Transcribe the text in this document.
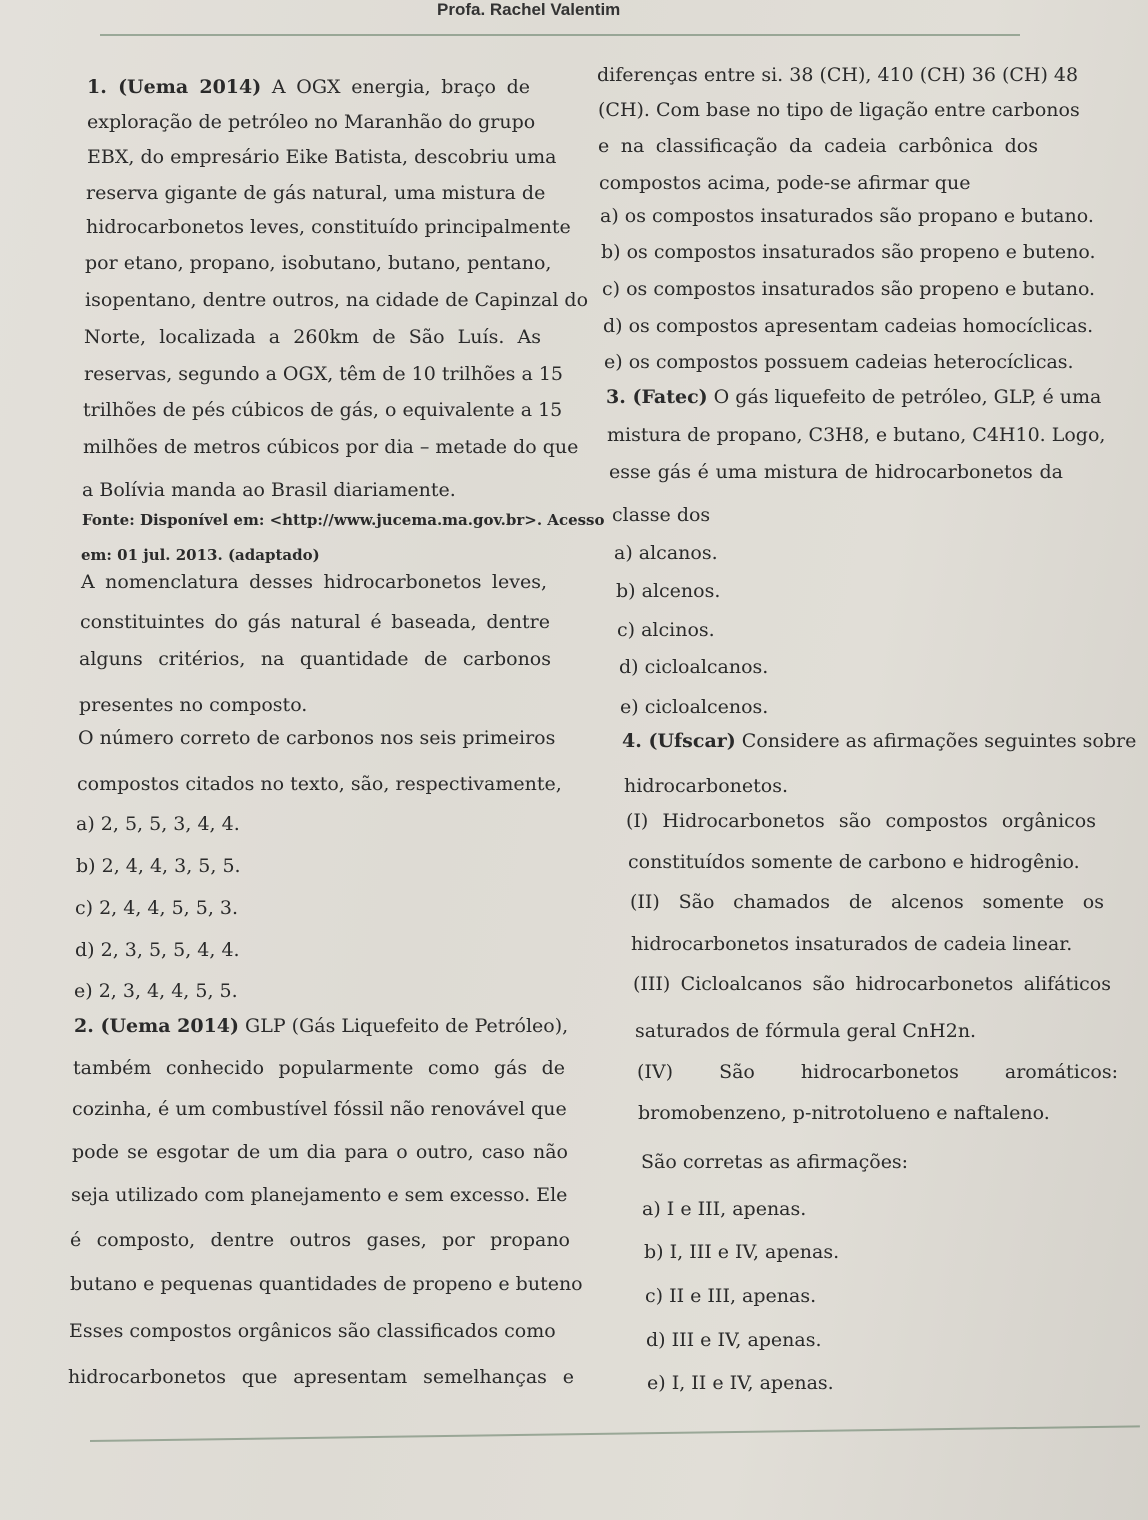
Profa. Rachel Valentim

1. (Uema 2014) A OGX energia, braço de

exploração de petróleo no Maranhão do grupo

EBX, do empresário Eike Batista, descobriu uma

reserva gigante de gás natural, uma mistura de

hidrocarbonetos leves, constituído principalmente

por etano, propano, isobutano, butano, pentano,

isopentano, dentre outros, na cidade de Capinzal do

Norte, localizada a 260km de São Luís. As

reservas, segundo a OGX, têm de 10 trilhões a 15

trilhões de pés cúbicos de gás, o equivalente a 15

milhões de metros cúbicos por dia – metade do que

a Bolívia manda ao Brasil diariamente.

Fonte: Disponível em: <http://www.jucema.ma.gov.br>. Acesso

em: 01 jul. 2013. (adaptado)

A nomenclatura desses hidrocarbonetos leves,

constituintes do gás natural é baseada, dentre

alguns critérios, na quantidade de carbonos

presentes no composto.

O número correto de carbonos nos seis primeiros

compostos citados no texto, são, respectivamente,

a) 2, 5, 5, 3, 4, 4.

b) 2, 4, 4, 3, 5, 5.

c) 2, 4, 4, 5, 5, 3.

d) 2, 3, 5, 5, 4, 4.

e) 2, 3, 4, 4, 5, 5.

2. (Uema 2014) GLP (Gás Liquefeito de Petróleo),

também conhecido popularmente como gás de

cozinha, é um combustível fóssil não renovável que

pode se esgotar de um dia para o outro, caso não

seja utilizado com planejamento e sem excesso. Ele

é composto, dentre outros gases, por propano

butano e pequenas quantidades de propeno e buteno

Esses compostos orgânicos são classificados como

hidrocarbonetos que apresentam semelhanças e

diferenças entre si. 38 (CH), 410 (CH) 36 (CH) 48

(CH). Com base no tipo de ligação entre carbonos

e na classificação da cadeia carbônica dos

compostos acima, pode-se afirmar que

a) os compostos insaturados são propano e butano.

b) os compostos insaturados são propeno e buteno.

c) os compostos insaturados são propeno e butano.

d) os compostos apresentam cadeias homocíclicas.

e) os compostos possuem cadeias heterocíclicas.

3. (Fatec) O gás liquefeito de petróleo, GLP, é uma

mistura de propano, C3H8, e butano, C4H10. Logo,

esse gás é uma mistura de hidrocarbonetos da

classe dos

a) alcanos.

b) alcenos.

c) alcinos.

d) cicloalcanos.

e) cicloalcenos.

4. (Ufscar) Considere as afirmações seguintes sobre

hidrocarbonetos.

(I) Hidrocarbonetos são compostos orgânicos

constituídos somente de carbono e hidrogênio.

(II) São chamados de alcenos somente os

hidrocarbonetos insaturados de cadeia linear.

(III) Cicloalcanos são hidrocarbonetos alifáticos

saturados de fórmula geral CnH2n.

(IV) São hidrocarbonetos aromáticos:

bromobenzeno, p-nitrotolueno e naftaleno.

São corretas as afirmações:

a) I e III, apenas.

b) I, III e IV, apenas.

c) II e III, apenas.

d) III e IV, apenas.

e) I, II e IV, apenas.
